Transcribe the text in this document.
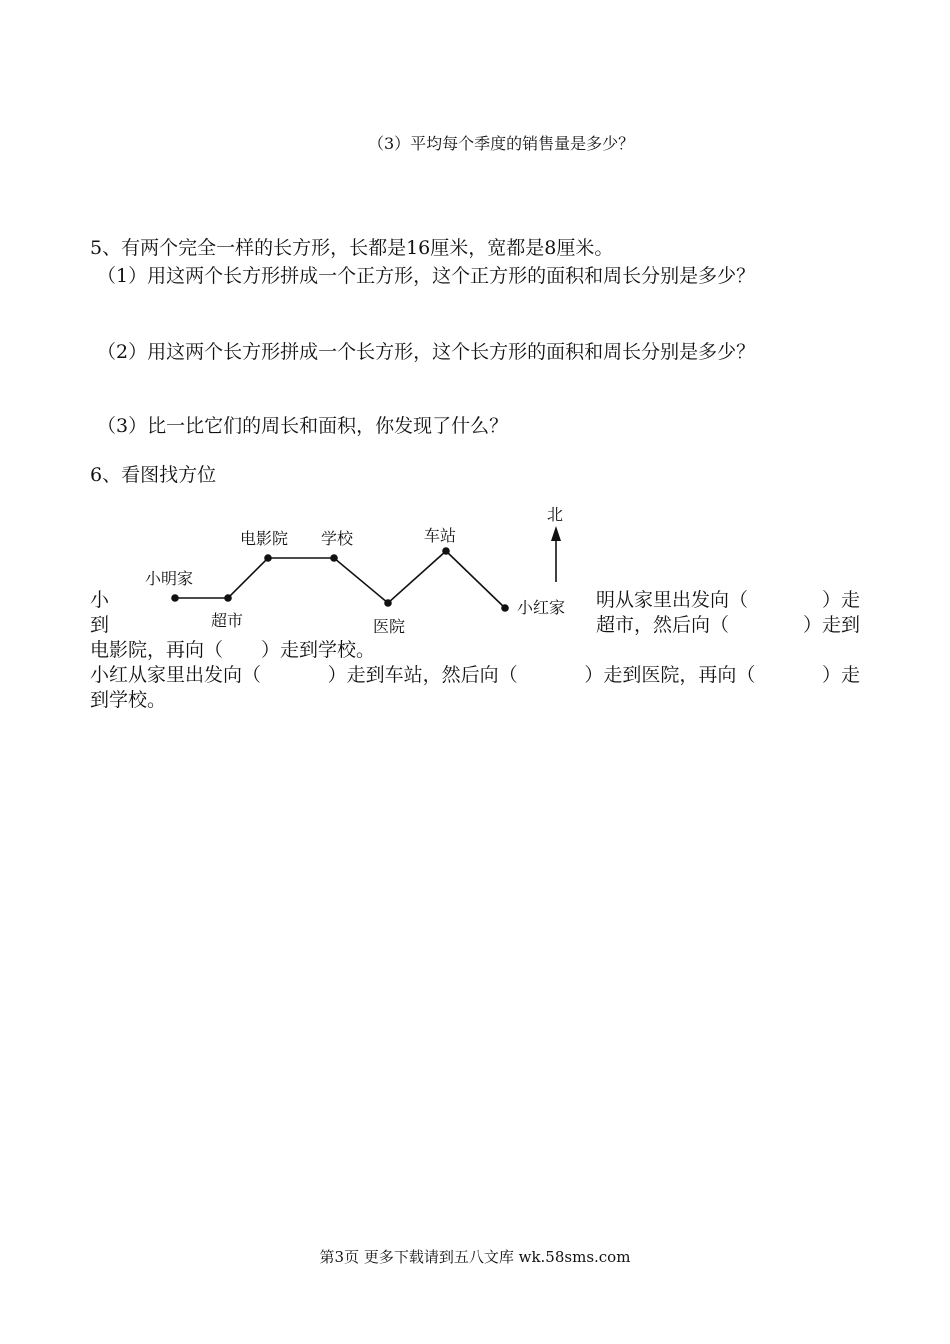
（3）平均每个季度的销售量是多少？
5、有两个完全一样的长方形，长都是16厘米，宽都是8厘米。
（1）用这两个长方形拼成一个正方形，这个正方形的面积和周长分别是多少？
（2）用这两个长方形拼成一个长方形，这个长方形的面积和周长分别是多少？
（3）比一比它们的周长和面积，你发现了什么？
6、看图找方位
北
小明家
超市
电影院 学校
医院
车站
小红家
小	明从家里出发向（	）走
到	超市，然后向（	）走到
电影院，再向（　　）走到学校。
小红从家里出发向（	）走到车站，然后向（	）走到医院，再向（	）走
到学校。
第3页 更多下载请到五八文库 wk.58sms.com
